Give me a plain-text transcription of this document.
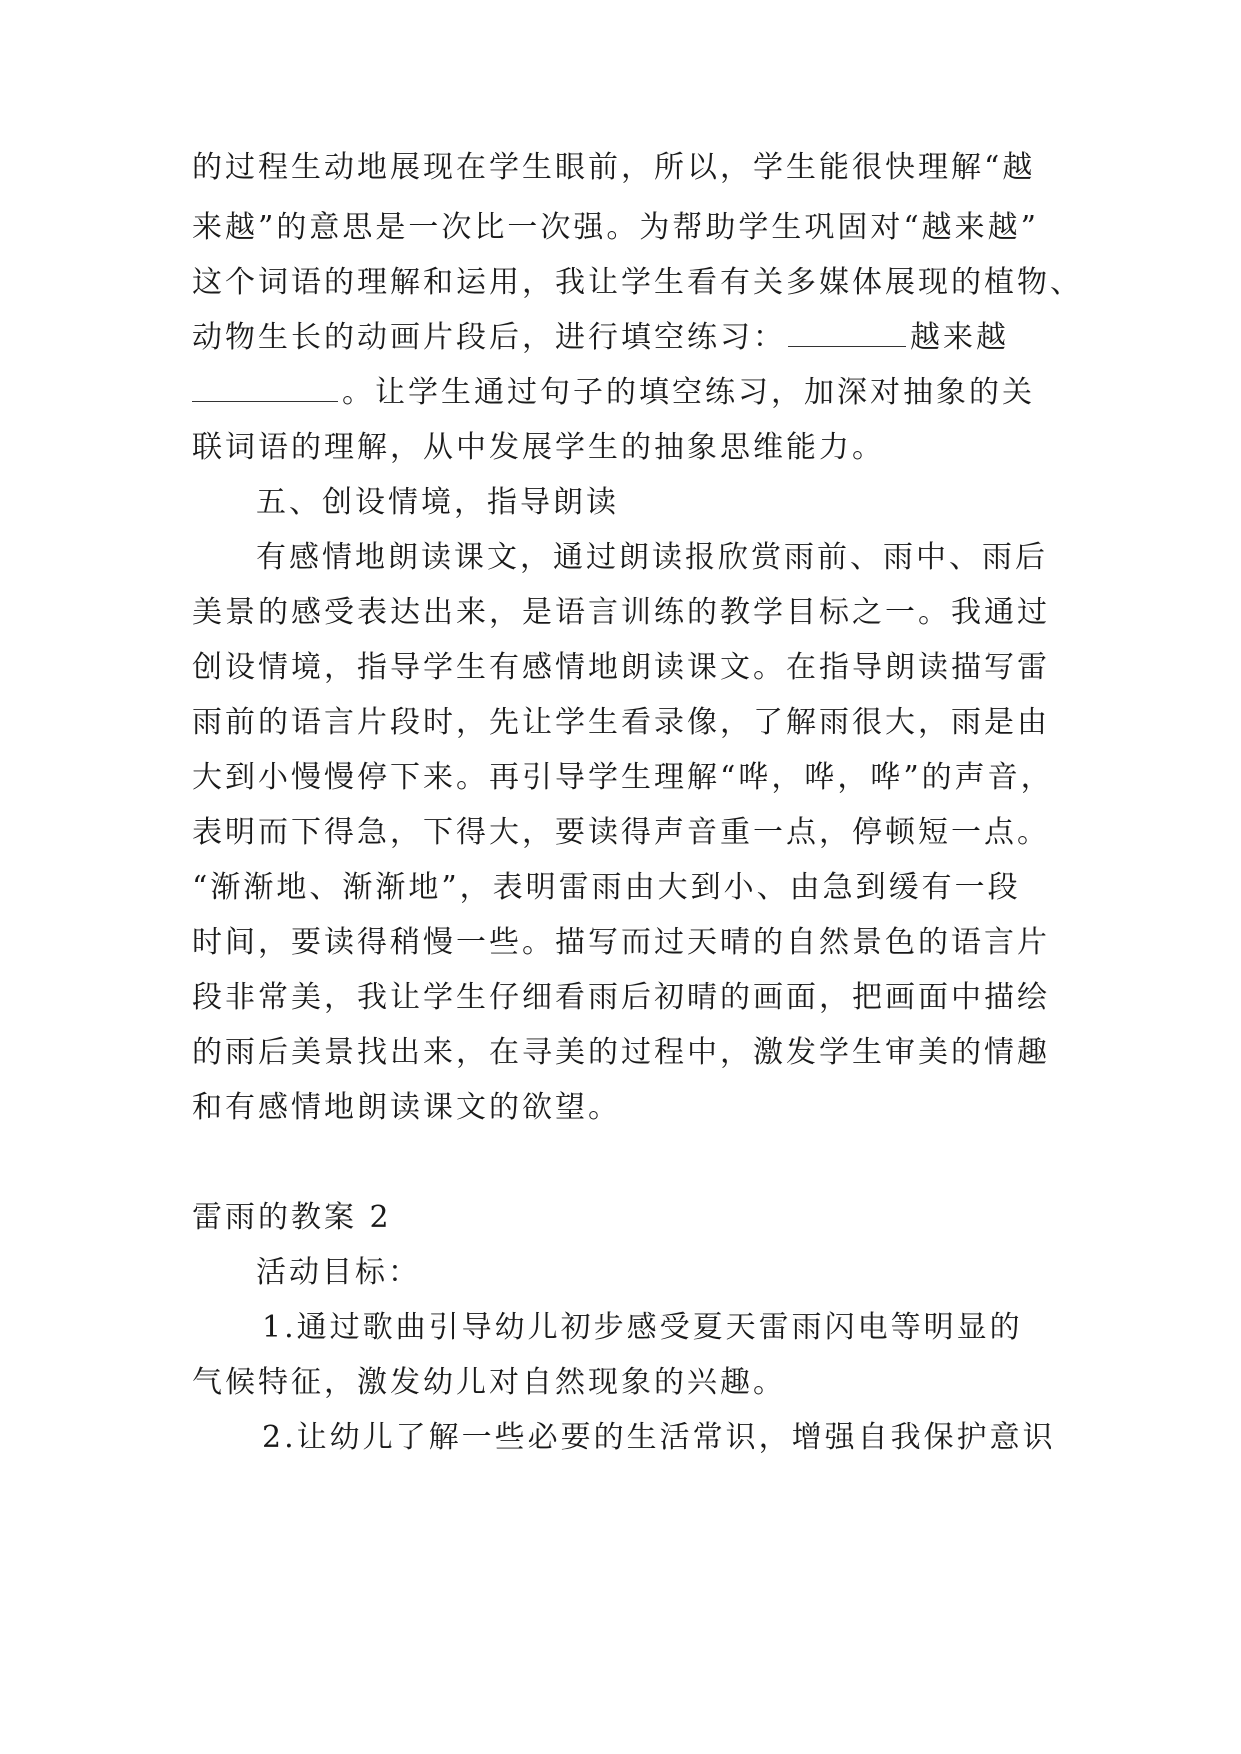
的过程生动地展现在学生眼前，所以，学生能很快理解“越
来越”的意思是一次比一次强。为帮助学生巩固对“越来越”
这个词语的理解和运用，我让学生看有关多媒体展现的植物、
动物生长的动画片段后，进行填空练习：	越来越
。让学生通过句子的填空练习，加深对抽象的关
联词语的理解，从中发展学生的抽象思维能力。
五、创设情境，指导朗读
有感情地朗读课文，通过朗读报欣赏雨前、雨中、雨后
美景的感受表达出来，是语言训练的教学目标之一。我通过
创设情境，指导学生有感情地朗读课文。在指导朗读描写雷
雨前的语言片段时，先让学生看录像，了解雨很大，雨是由
大到小慢慢停下来。再引导学生理解“哗，哗，哗”的声音，
表明而下得急，下得大，要读得声音重一点，停顿短一点。
“渐渐地、渐渐地”，表明雷雨由大到小、由急到缓有一段
时间，要读得稍慢一些。描写而过天晴的自然景色的语言片
段非常美，我让学生仔细看雨后初晴的画面，把画面中描绘
的雨后美景找出来，在寻美的过程中，激发学生审美的情趣
和有感情地朗读课文的欲望。
雷雨的教案 2
活动目标：
1.通过歌曲引导幼儿初步感受夏天雷雨闪电等明显的
气候特征，激发幼儿对自然现象的兴趣。
2.让幼儿了解一些必要的生活常识，增强自我保护意识
